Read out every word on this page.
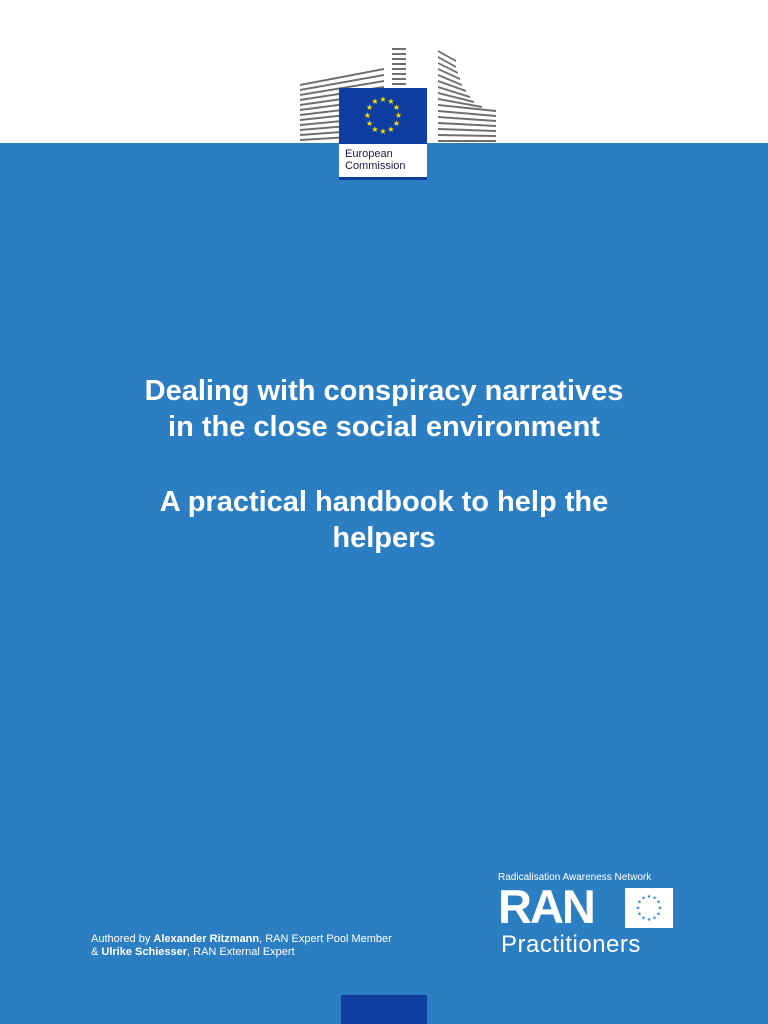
★ ★
★
★
★
★
★
★
★
★
★
★
European
Commission
Dealing with conspiracy narratives
in the close social environment
A practical handbook to help the
helpers
Authored by Alexander Ritzmann, RAN Expert Pool Member
& Ulrike Schiesser, RAN External Expert
Radicalisation Awareness Network
RAN	★ ★
★
★
★
★
★
★
★
★
★
★
Practitioners
